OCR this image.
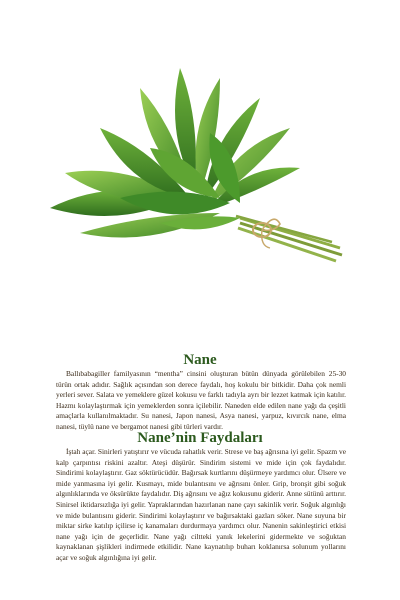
Nane

Ballıbabagiller familyasının “mentha” cinsini oluşturan bütün dünyada görülebilen 25-30 türün ortak adıdır. Sağlık açısından son derece faydalı, hoş kokulu bir bitkidir. Daha çok nemli yerleri sever. Salata ve yemeklere güzel kokusu ve farklı tadıyla ayrı bir lezzet katmak için katılır. Hazmı kolaylaştırmak için yemeklerden sonra içilebilir. Naneden elde edilen nane yağı da çeşitli amaçlarla kullanılmaktadır. Su nanesi, Japon nanesi, Asya nanesi, yarpuz, kıvırcık nane, elma nanesi, tüylü nane ve bergamot nanesi gibi türleri vardır.

Nane’nin Faydaları

İştah açar. Sinirleri yatıştırır ve vücuda rahatlık verir. Strese ve baş ağrısına iyi gelir. Spazm ve kalp çarpıntısı riskini azaltır. Ateşi düşürür. Sindirim sistemi ve mide için çok faydalıdır. Sindirimi kolaylaştırır. Gaz söktürücüdür. Bağırsak kurtlarını düşürmeye yardımcı olur. Ülsere ve mide yanmasına iyi gelir. Kusmayı, mide bulantısını ve ağrısını önler. Grip, bronşit gibi soğuk algınlıklarında ve öksürükte faydalıdır. Diş ağrısını ve ağız kokusunu giderir. Anne sütünü arttırır. Sinirsel iktidarsızlığa iyi gelir. Yapraklarından hazırlanan nane çayı sakinlik verir. Soğuk algınlığı ve mide bulantısını giderir. Sindirimi kolaylaştırır ve bağırsaktaki gazları söker. Nane suyuna bir miktar sirke katılıp içilirse iç kanamaları durdurmaya yardımcı olur. Nanenin sakinleştirici etkisi nane yağı için de geçerlidir. Nane yağı ciltteki yanık lekelerini gidermekte ve soğuktan kaynaklanan şişlikleri indirmede etkilidir. Nane kaynatılıp buharı koklanırsa solunum yollarını açar ve soğuk algınlığına iyi gelir.
